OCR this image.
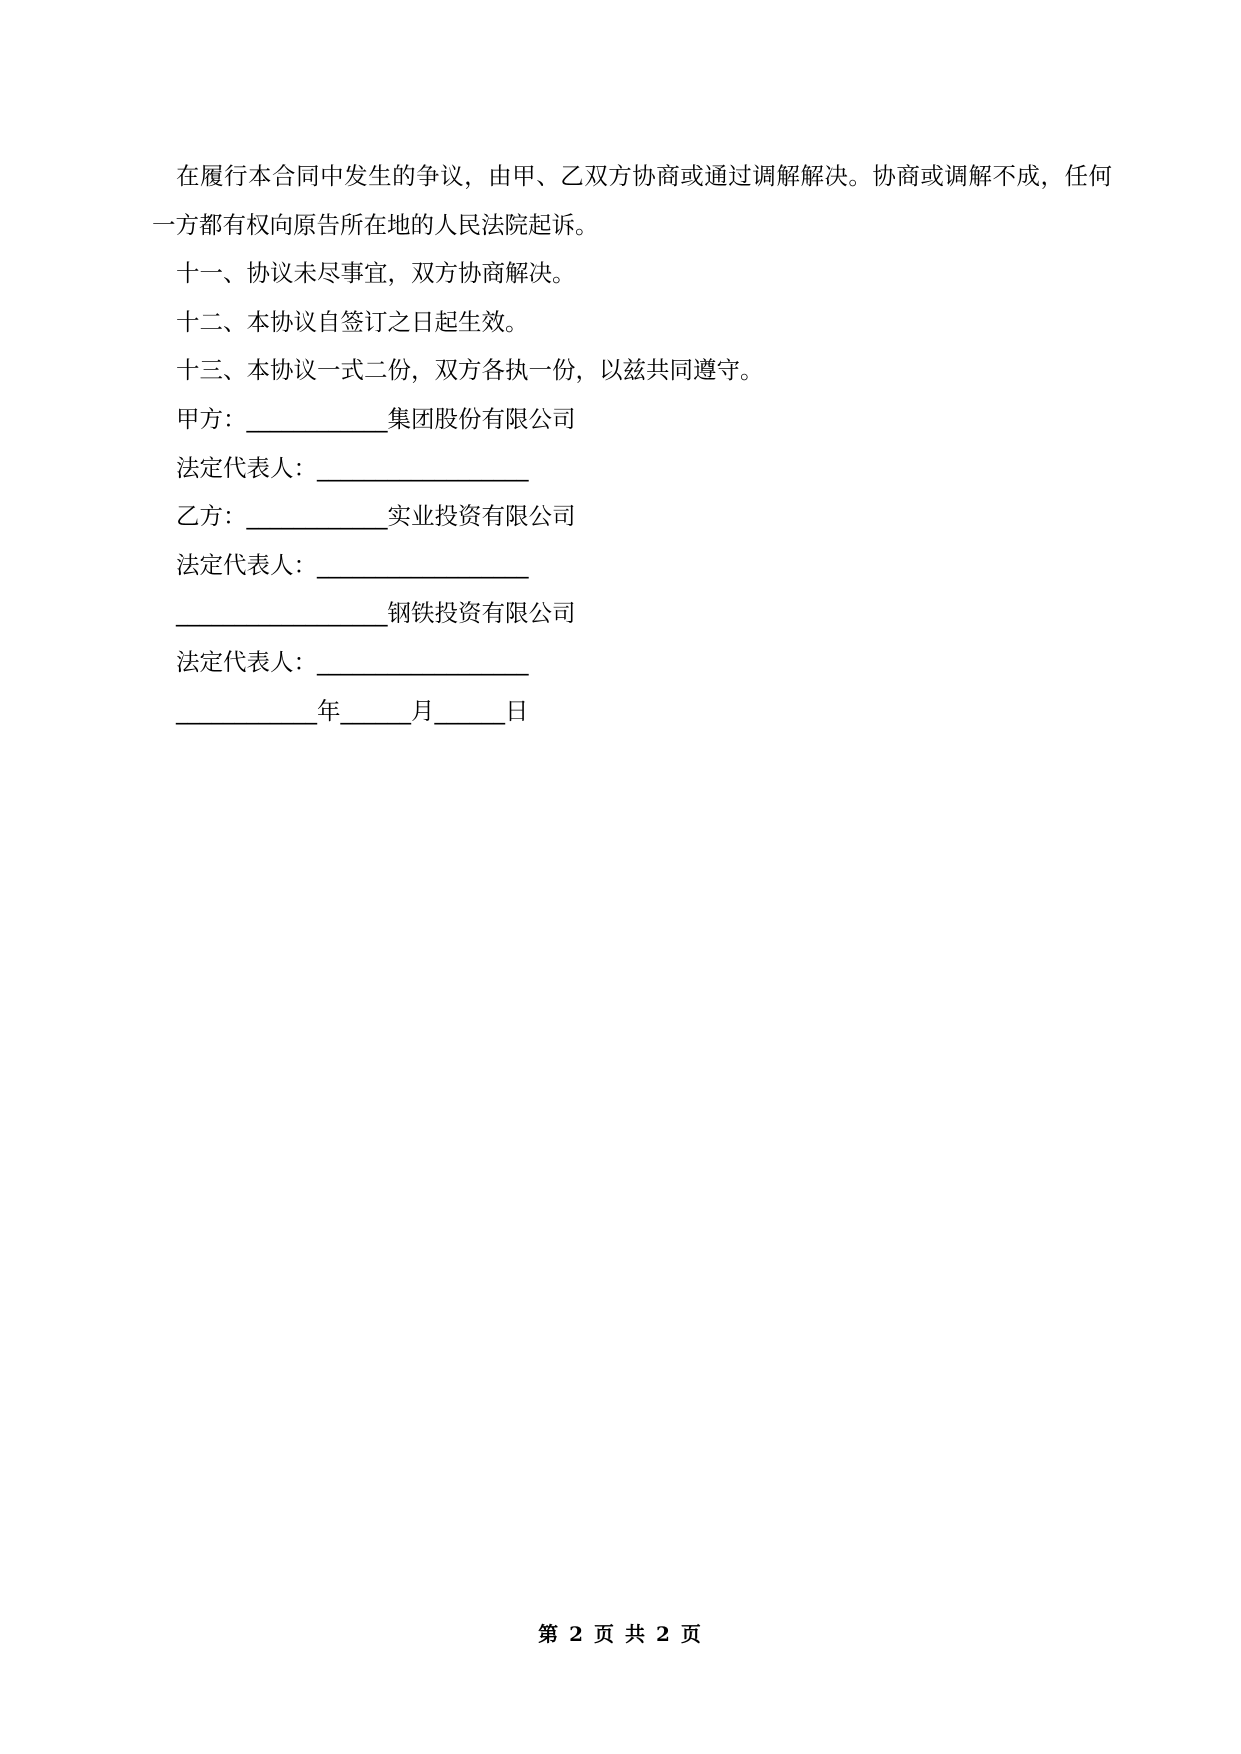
在履行本合同中发生的争议，由甲、乙双方协商或通过调解解决。协商或调解不成，任何一方都有权向原告所在地的人民法院起诉。

十一、协议未尽事宜，双方协商解决。

十二、本协议自签订之日起生效。

十三、本协议一式二份，双方各执一份，以兹共同遵守。

甲方：____________集团股份有限公司

法定代表人：__________________

乙方：____________实业投资有限公司

法定代表人：__________________

__________________钢铁投资有限公司

法定代表人：__________________

____________年______月______日

第 2 页 共 2 页
